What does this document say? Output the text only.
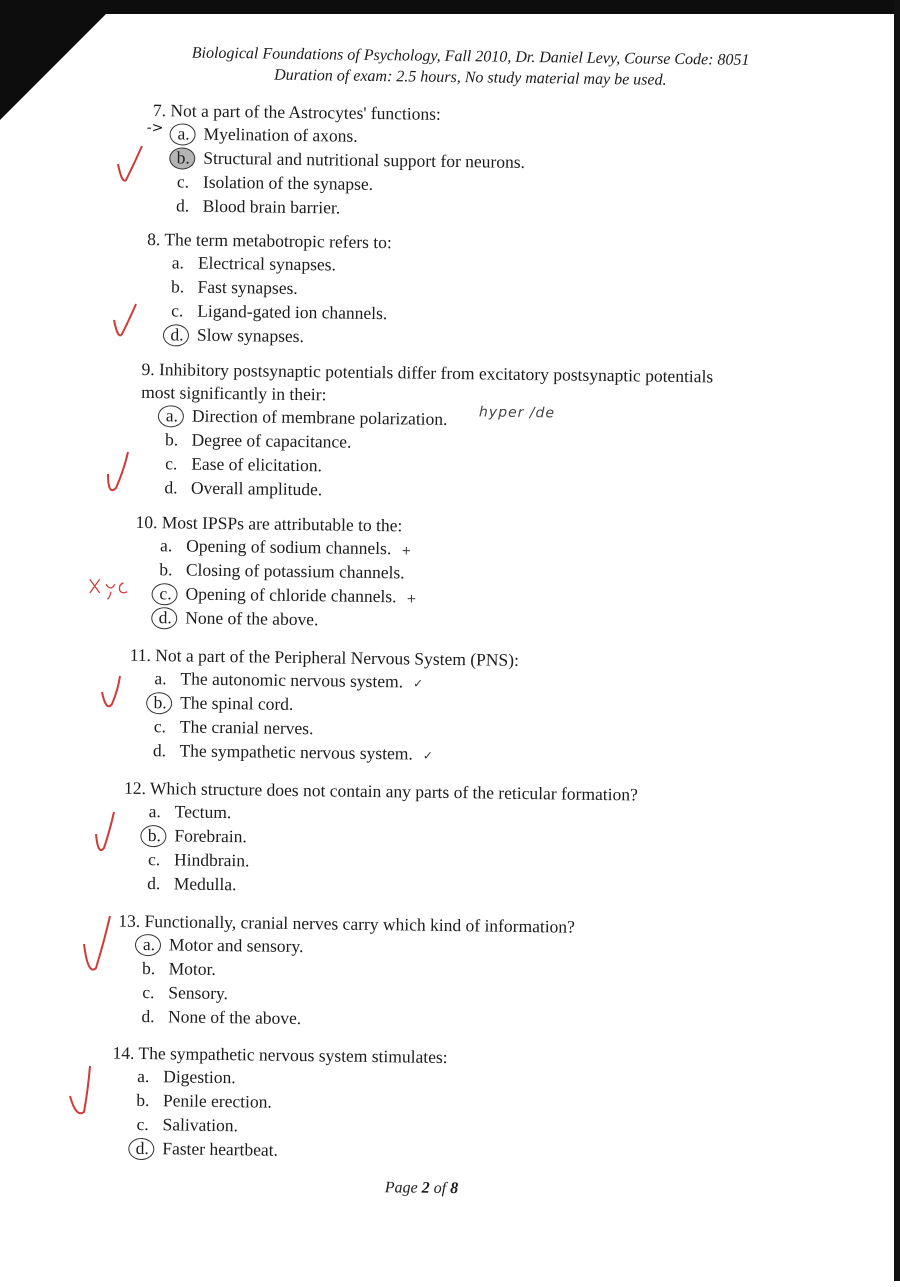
Biological Foundations of Psychology, Fall 2010, Dr. Daniel Levy, Course Code: 8051
Duration of exam: 2.5 hours, No study material may be used.
->
7. Not a part of the Astrocytes' functions:
a. Myelination of axons.
b. Structural and nutritional support for neurons.
c. Isolation of the synapse.
d. Blood brain barrier.
8. The term metabotropic refers to:
a. Electrical synapses.
b. Fast synapses.
c. Ligand-gated ion channels.
d. Slow synapses.
9. Inhibitory postsynaptic potentials differ from excitatory postsynaptic potentials most significantly in their:
a. Direction of membrane polarization.
b. Degree of capacitance.
c. Ease of elicitation.
d. Overall amplitude.
hyper /de
10. Most IPSPs are attributable to the:
a. Opening of sodium channels. +
b. Closing of potassium channels.
c. Opening of chloride channels. +
d. None of the above.
11. Not a part of the Peripheral Nervous System (PNS):
a. The autonomic nervous system. ✓
b. The spinal cord.
c. The cranial nerves.
d. The sympathetic nervous system. ✓
12. Which structure does not contain any parts of the reticular formation?
a. Tectum.
b. Forebrain.
c. Hindbrain.
d. Medulla.
13. Functionally, cranial nerves carry which kind of information?
a. Motor and sensory.
b. Motor.
c. Sensory.
d. None of the above.
14. The sympathetic nervous system stimulates:
a. Digestion.
b. Penile erection.
c. Salivation.
d. Faster heartbeat.
Page 2 of 8
